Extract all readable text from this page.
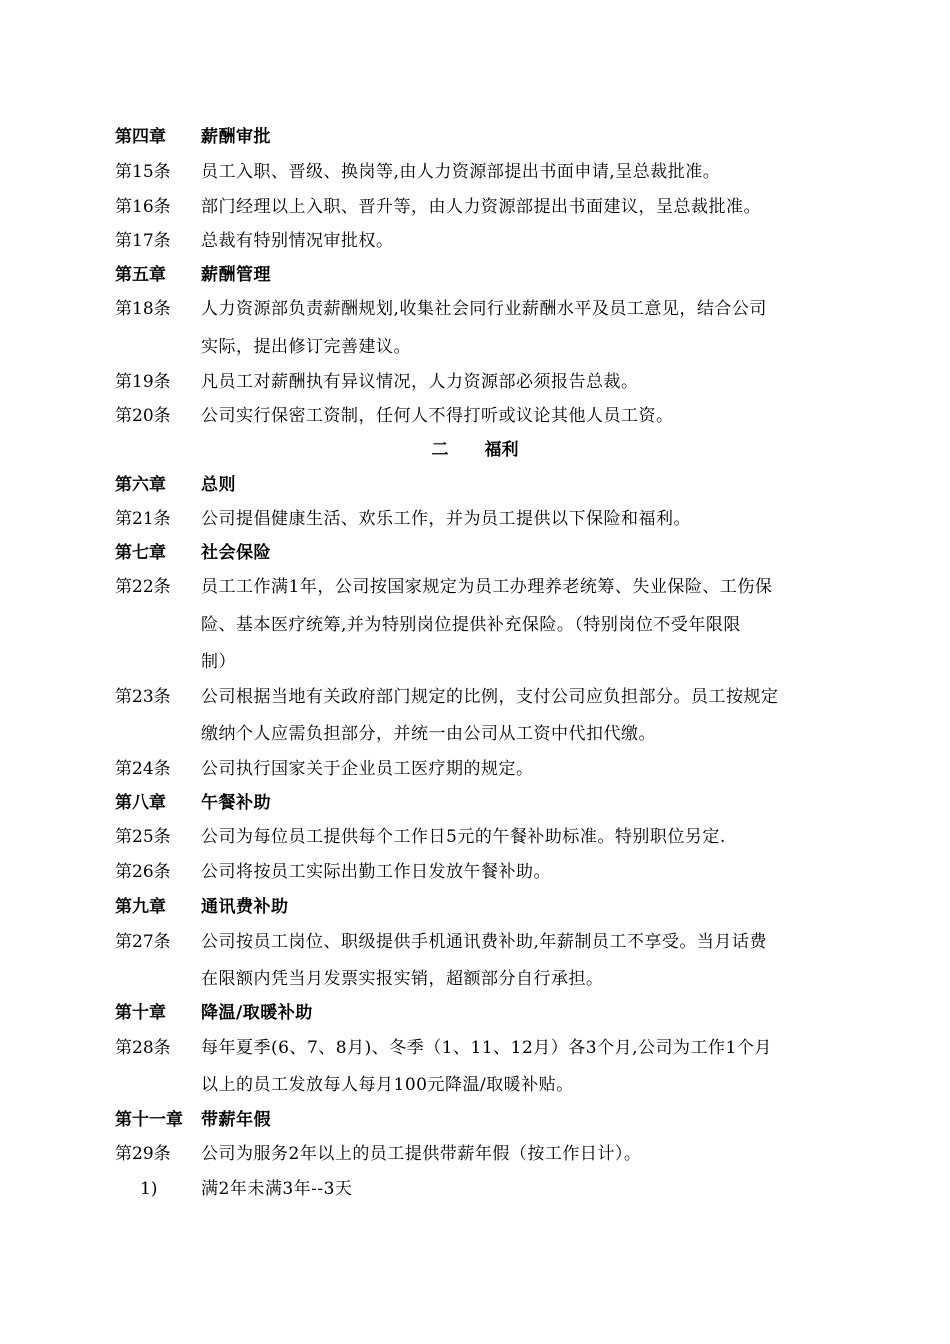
第四章 薪酬审批
第15条 员工入职、晋级、换岗等,由人力资源部提出书面申请,呈总裁批准。
第16条 部门经理以上入职、晋升等，由人力资源部提出书面建议，呈总裁批准。
第17条 总裁有特别情况审批权。
第五章 薪酬管理
第18条 人力资源部负责薪酬规划,收集社会同行业薪酬水平及员工意见，结合公司
实际，提出修订完善建议。
第19条 凡员工对薪酬执有异议情况，人力资源部必须报告总裁。
第20条 公司实行保密工资制，任何人不得打听或议论其他人员工资。
二 福利
第六章 总则
第21条 公司提倡健康生活、欢乐工作，并为员工提供以下保险和福利。
第七章 社会保险
第22条 员工工作满1年，公司按国家规定为员工办理养老统筹、失业保险、工伤保
险、基本医疗统筹,并为特别岗位提供补充保险。（特别岗位不受年限限
制）
第23条 公司根据当地有关政府部门规定的比例，支付公司应负担部分。员工按规定
缴纳个人应需负担部分，并统一由公司从工资中代扣代缴。
第24条 公司执行国家关于企业员工医疗期的规定。
第八章 午餐补助
第25条 公司为每位员工提供每个工作日5元的午餐补助标准。特别职位另定.
第26条 公司将按员工实际出勤工作日发放午餐补助。
第九章 通讯费补助
第27条 公司按员工岗位、职级提供手机通讯费补助,年薪制员工不享受。当月话费
在限额内凭当月发票实报实销，超额部分自行承担。
第十章 降温/取暖补助
第28条 每年夏季(6、7、8月)、冬季（1、11、12月）各3个月,公司为工作1个月
以上的员工发放每人每月100元降温/取暖补贴。
第十一章 带薪年假
第29条 公司为服务2年以上的员工提供带薪年假（按工作日计）。
1)	满2年未满3年--3天
